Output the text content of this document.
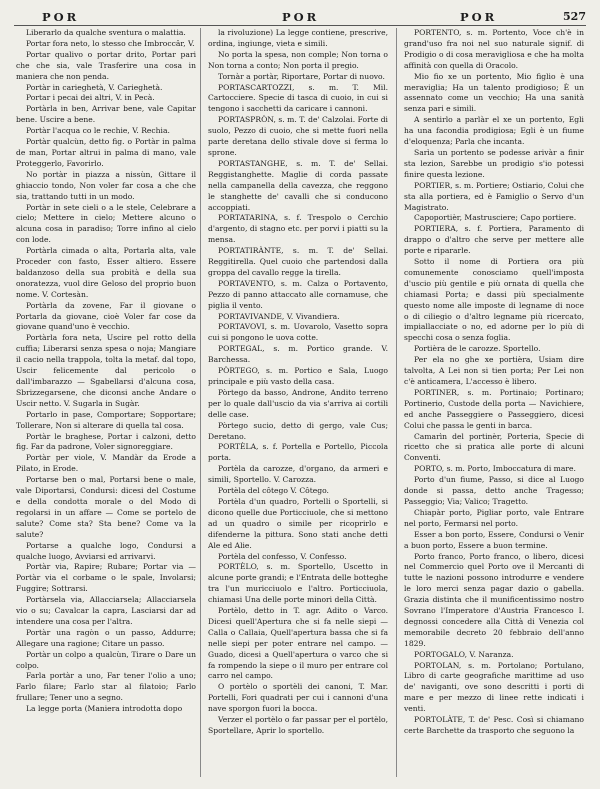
POR	POR	POR	527

Liberarlo da qualche sventura o malattia.

Portar fora neto, lo stesso che Imbroccâr, V.

Portar qualivo o portar drito, Portar pari che che sia, vale Trasferire una cosa in maniera che non penda.

Portàr in carieghetà, V. Carieghetà.

Portar i pecai dei altri, V. in Pecà.

Portàrla in ben, Arrivar bene, vale Capitar bene. Uscire a bene.

Portàr l'acqua co le rechie, V. Rechia.

Portàr qualcùn, detto fig. o Portàr in palma de man, Portar altrui in palma di mano, vale Proteggerlo, Favorirlo.

No portàr in piazza a nissùn, Gittare il ghiaccio tondo, Non voler far cosa a che che sia, trattando tutti in un modo.

Portàr in sete cieli o a le stele, Celebrare a cielo; Mettere in cielo; Mettere alcuno o alcuna cosa in paradiso; Torre infino al cielo con lode.

Portàrla cimada o alta, Portarla alta, vale Proceder con fasto, Esser altiero. Essere baldanzoso della sua probità e della sua onoratezza, vuol dire Geloso del proprio buon nome. V. Cortesàn.

Portàrla da zovene, Far il giovane o Portarla da giovane, cioè Voler far cose da giovane quand'uno è vecchio.

Portàrla fora neta, Uscire pel rotto della cuffia; Liberarsi senza spesa o noja; Mangiare il cacio nella trappola, tolta la metaf. dal topo, Uscir felicemente dal pericolo o dall'imbarazzo — Sgabellarsi d'alcuna cosa, Sbrizzegarsene, che diconsi anche Andare o Uscir netto. V. Sugarla in Sugàr.

Portarlo in pase, Comportare; Sopportare; Tollerare, Non si alterare di quella tal cosa.

Portàr le braghese, Portar i calzoni, detto fig. Far da padrone, Voler signoreggiare.

Portàr per viole, V. Mandàr da Erode a Pilato, in Erode.

Portarse ben o mal, Portarsi bene o male, vale Diportarsi, Condursi: dicesi del Costume e della condotta morale o del Modo di regolarsi in un affare — Come se portelo de salute? Come sta? Sta bene? Come va la salute?

Portarse a qualche logo, Condursi a qualche luogo, Avviarsi ed arrivarvi.

Portàr via, Rapire; Rubare; Portar via — Portàr via el corbame o le spale, Involarsi; Fuggire; Sottrarsi.

Portàrsela via, Allacciarsela; Allacciarsela vio o su; Cavalcar la capra, Lasciarsi dar ad intendere una cosa per l'altra.

Portàr una ragòn o un passo, Addurre; Allegare una ragione; Citare un passo.

Portàr un colpo a qualcùn, Tirare o Dare un colpo.

Farla portàr a uno, Far tener l'olio a uno; Farlo filare; Farlo star al filatoio; Farlo frullare; Tener uno a segno.

La legge porta (Maniera introdotta dopo

la rivoluzione) La legge contiene, prescrive, ordina, ingiunge, vieta e simili.

No porta la spesa, non comple; Non torna o Non torna a conto; Non porta il pregio.

Tornàr a portàr, Riportare, Portar di nuovo.

PORTASCARTOZZI, s. m. T. Mil. Cartocciere. Specie di tasca di cuoio, in cui si tengono i sacchetti da caricare i cannoni.

PORTASPRÒN, s. m. T. de' Calzolai. Forte di suolo, Pezzo di cuoio, che si mette fuori nella parte deretana dello stivale dove si ferma lo sprone.

PORTASTANGHE, s. m. T. de' Sellai. Reggistanghette. Maglie di corda passate nella campanella della cavezza, che reggono le stanghette de' cavalli che si conducono accoppiati.

PORTATARINA, s. f. Trespolo o Cerchio d'argento, di stagno etc. per porvi i piatti su la mensa.

PORTATIRÀNTE, s. m. T. de' Sellai. Reggitirella. Quel cuoio che partendosi dalla groppa del cavallo regge la tirella.

PORTAVENTO, s. m. Calza o Portavento, Pezzo di panno attaccato alle cornamuse, che piglia il vento.

PORTAVIVANDE, V. Vivandiera.

PORTAVOVI, s. m. Uovarolo, Vasetto sopra cui si pongono le uova cotte.

PORTEGAL, s. m. Portico grande. V. Barchessa.

PÒRTEGO, s. m. Portico e Sala, Luogo principale e più vasto della casa.

Pòrtego da basso, Androne, Andito terreno per lo quale dall'uscio da via s'arriva ai cortili delle case.

Pòrtego sucio, detto di gergo, vale Cus; Deretano.

PORTÈLA, s. f. Portella e Portello, Piccola porta.

Portèla da carozze, d'organo, da armeri e simili, Sportello. V. Carozza.

Portèla del côtego V. Côtego.

Portèla d'un quadro, Portelli o Sportelli, si dicono quelle due Porticciuole, che si mettono ad un quadro o simile per ricoprirlo e difenderne la pittura. Sono stati anche detti Ale ed Alie.

Portèla del confesso, V. Confesso.

PORTÈLO, s. m. Sportello, Uscetto in alcune porte grandi; e l'Entrata delle botteghe tra l'un muricciuolo e l'altro. Porticciuola, chiamasi Una delle porte minori della Città.

Portèlo, detto in T. agr. Adito o Varco. Dicesi quell'Apertura che si fa nelle siepi — Calla o Callaia, Quell'apertura bassa che si fa nelle siepi per poter entrare nel campo. — Guado, dicesi a Quell'apertura o varco che si fa rompendo la siepe o il muro per entrare col carro nel campo.

O portèlo o sportèli dei canoni, T. Mar. Portelli, Fori quadrati per cui i cannoni d'una nave sporgon fuori la bocca.

Verzer el portèlo o far passar per el portèlo, Sportellare, Aprir lo sportello.

PORTENTO, s. m. Portento, Voce ch'è in grand'uso fra noi nel suo naturale signif. di Prodigio o di cosa meravigliosa e che ha molta affinità con quella di Oracolo.

Mio fio xe un portento, Mio figlio è una meraviglia; Ha un talento prodigioso; È un assennato come un vecchio; Ha una sanità senza pari e simili.

A sentirlo a parlàr el xe un portento, Egli ha una facondia prodigiosa; Egli è un fiume d'eloquenza; Parla che incanta.

Sarìa un portento se podesse arivàr a finir sta lezion, Sarebbe un prodigio s'io potessi finire questa lezione.

PORTIER, s. m. Portiere; Ostiario, Colui che sta alla portiera, ed è Famiglio o Servo d'un Magistrato.

Capoportièr, Mastrusciere; Capo portiere.

PORTIERA, s. f. Portiera, Paramento di drappo o d'altro che serve per mettere alle porte e ripararle.

Sotto il nome di Portiera ora più comunemente conosciamo quell'imposta d'uscio più gentile e più ornata di quella che chiamasi Porta; e dassi più specialmente questo nome alle imposte di legname di noce o di ciliegio o d'altro legname più ricercato, impiallacciate o no, ed adorne per lo più di specchi cosa o senza foglia.

Portièra de le carozze. Sportello.

Per ela no ghe xe portièra, Usiam dire talvolta, A Lei non si tien porta; Per Lei non c'è anticamera, L'accesso è libero.

PORTINER, s. m. Portinaio; Portinaro; Portinerio, Custode della porta — Navichiere, ed anche Passeggiere o Passeggiero, dicesi Colui che passa le genti in barca.

Camarìn del portinèr, Porteria, Specie di ricetto che si pratica alle porte di alcuni Conventi.

PORTO, s. m. Porto, Imboccatura di mare.

Porto d'un fiume, Passo, si dice al Luogo donde si passa, detto anche Tragesso; Passeggio; Via; Valico; Tragetto.

Chiapàr porto, Pigliar porto, vale Entrare nel porto, Fermarsi nel porto.

Esser a bon porto, Essere, Condursi o Venir a buon porto, Essere a buon termine.

Porto franco, Porto franco, o libero, dicesi nel Commercio quel Porto ove il Mercanti di tutte le nazioni possono introdurre e vendere le loro merci senza pagar dazio o gabella. Grazia distinta che il munificentissimo nostro Sovrano l'Imperatore d'Austria Francesco I. degnossi concedere alla Città di Venezia col memorabile decreto 20 febbraio dell'anno 1829.

PORTOGALO, V. Naranza.

PORTOLAN, s. m. Portolano; Portulano, Libro di carte geografiche marittime ad uso de' naviganti, ove sono descritti i porti di mare e per mezzo di linee rette indicati i venti.

PORTOLÀTE, T. de' Pesc. Così si chiamano certe Barchette da trasporto che seguono la
